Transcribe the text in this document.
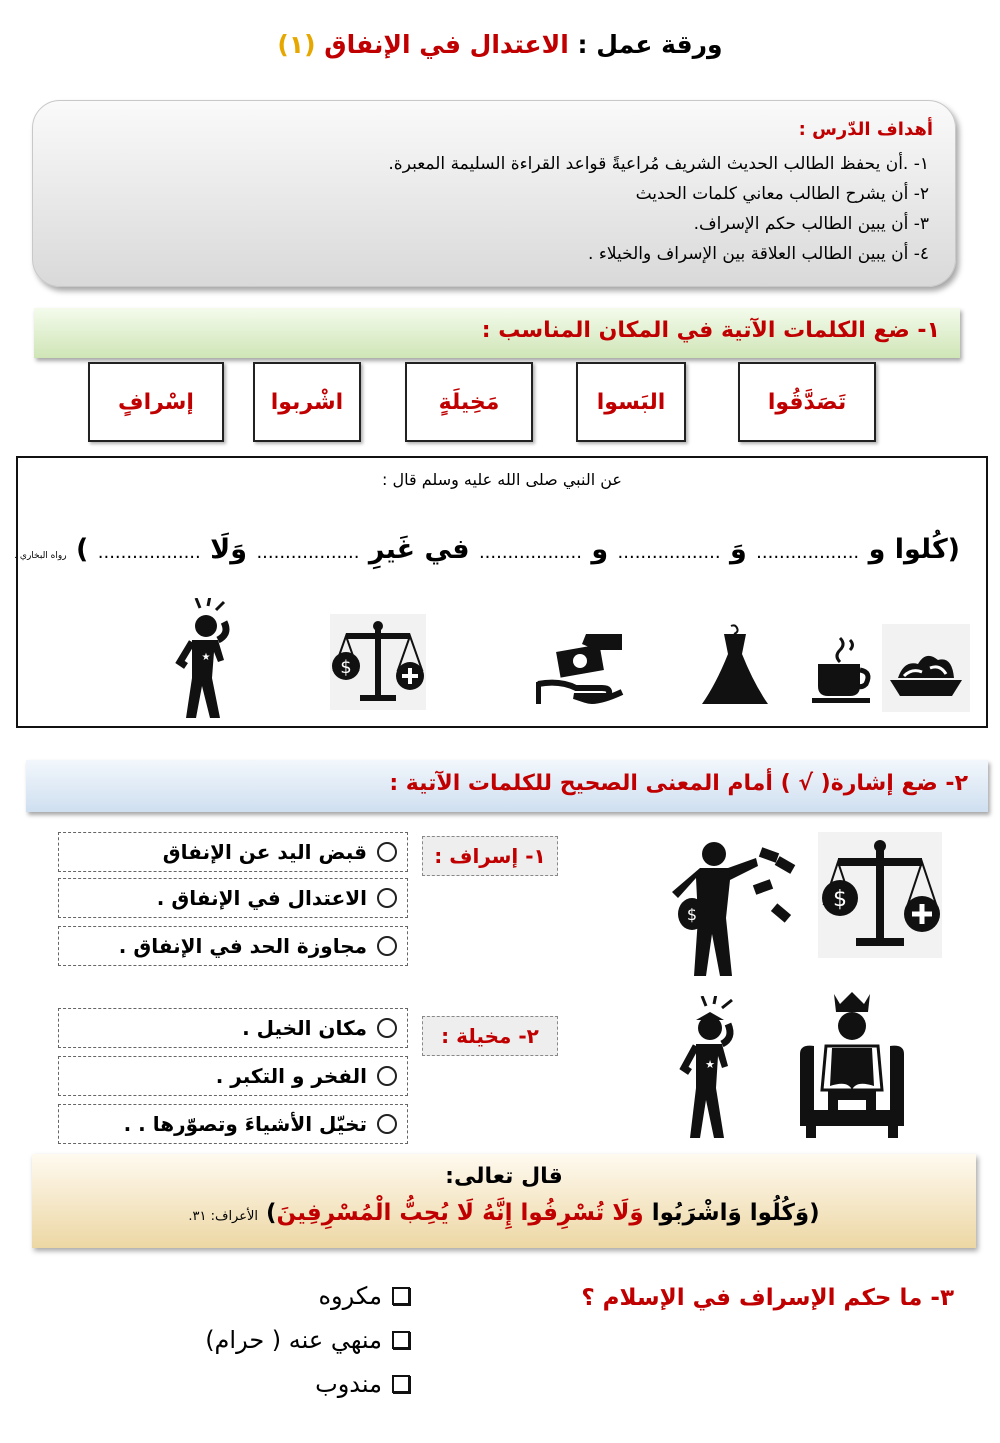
ورقة عمل : الاعتدال في الإنفاق (١)
أهداف الدّرس :
١- .أن يحفظ الطالب الحديث الشريف مُراعيةً قواعد القراءة السليمة المعبرة.
٢- أن يشرح الطالب معاني كلمات الحديث
٣- أن يبين الطالب حكم الإسراف.
٤- أن يبين الطالب العلاقة بين الإسراف والخيلاء .
١- ضع الكلمات الآتية في المكان المناسب :
تَصَدَّقُوا
البَسوا
مَخِيلَةٍ
اشْربوا
إسْرافٍ
عن النبي صلى الله عليه وسلم قال :
(كُلوا و .................. وَ .................. و .................. في غَيرِ .................. وَلَا .................. ) رواه البخاري .
$
★
٢- ضع إشارة( √ ) أمام المعنى الصحيح للكلمات الآتية :
١- إسراف :
قبض اليد عن الإنفاق
الاعتدال في الإنفاق .
مجاوزة الحد في الإنفاق .
$
$
٢- مخيلة :
مكان الخيل .
الفخر و التكبر .
تخيّل الأشياءَ وتصوّرها . .
★
قال تعالى:
(وَكُلُوا وَاشْرَبُوا وَلَا تُسْرِفُوا إِنَّهُ لَا يُحِبُّ الْمُسْرِفِينَ) الأعراف: ٣١.
٣- ما حكم الإسراف في الإسلام ؟
مكروه
منهي عنه ( حرام)
مندوب
